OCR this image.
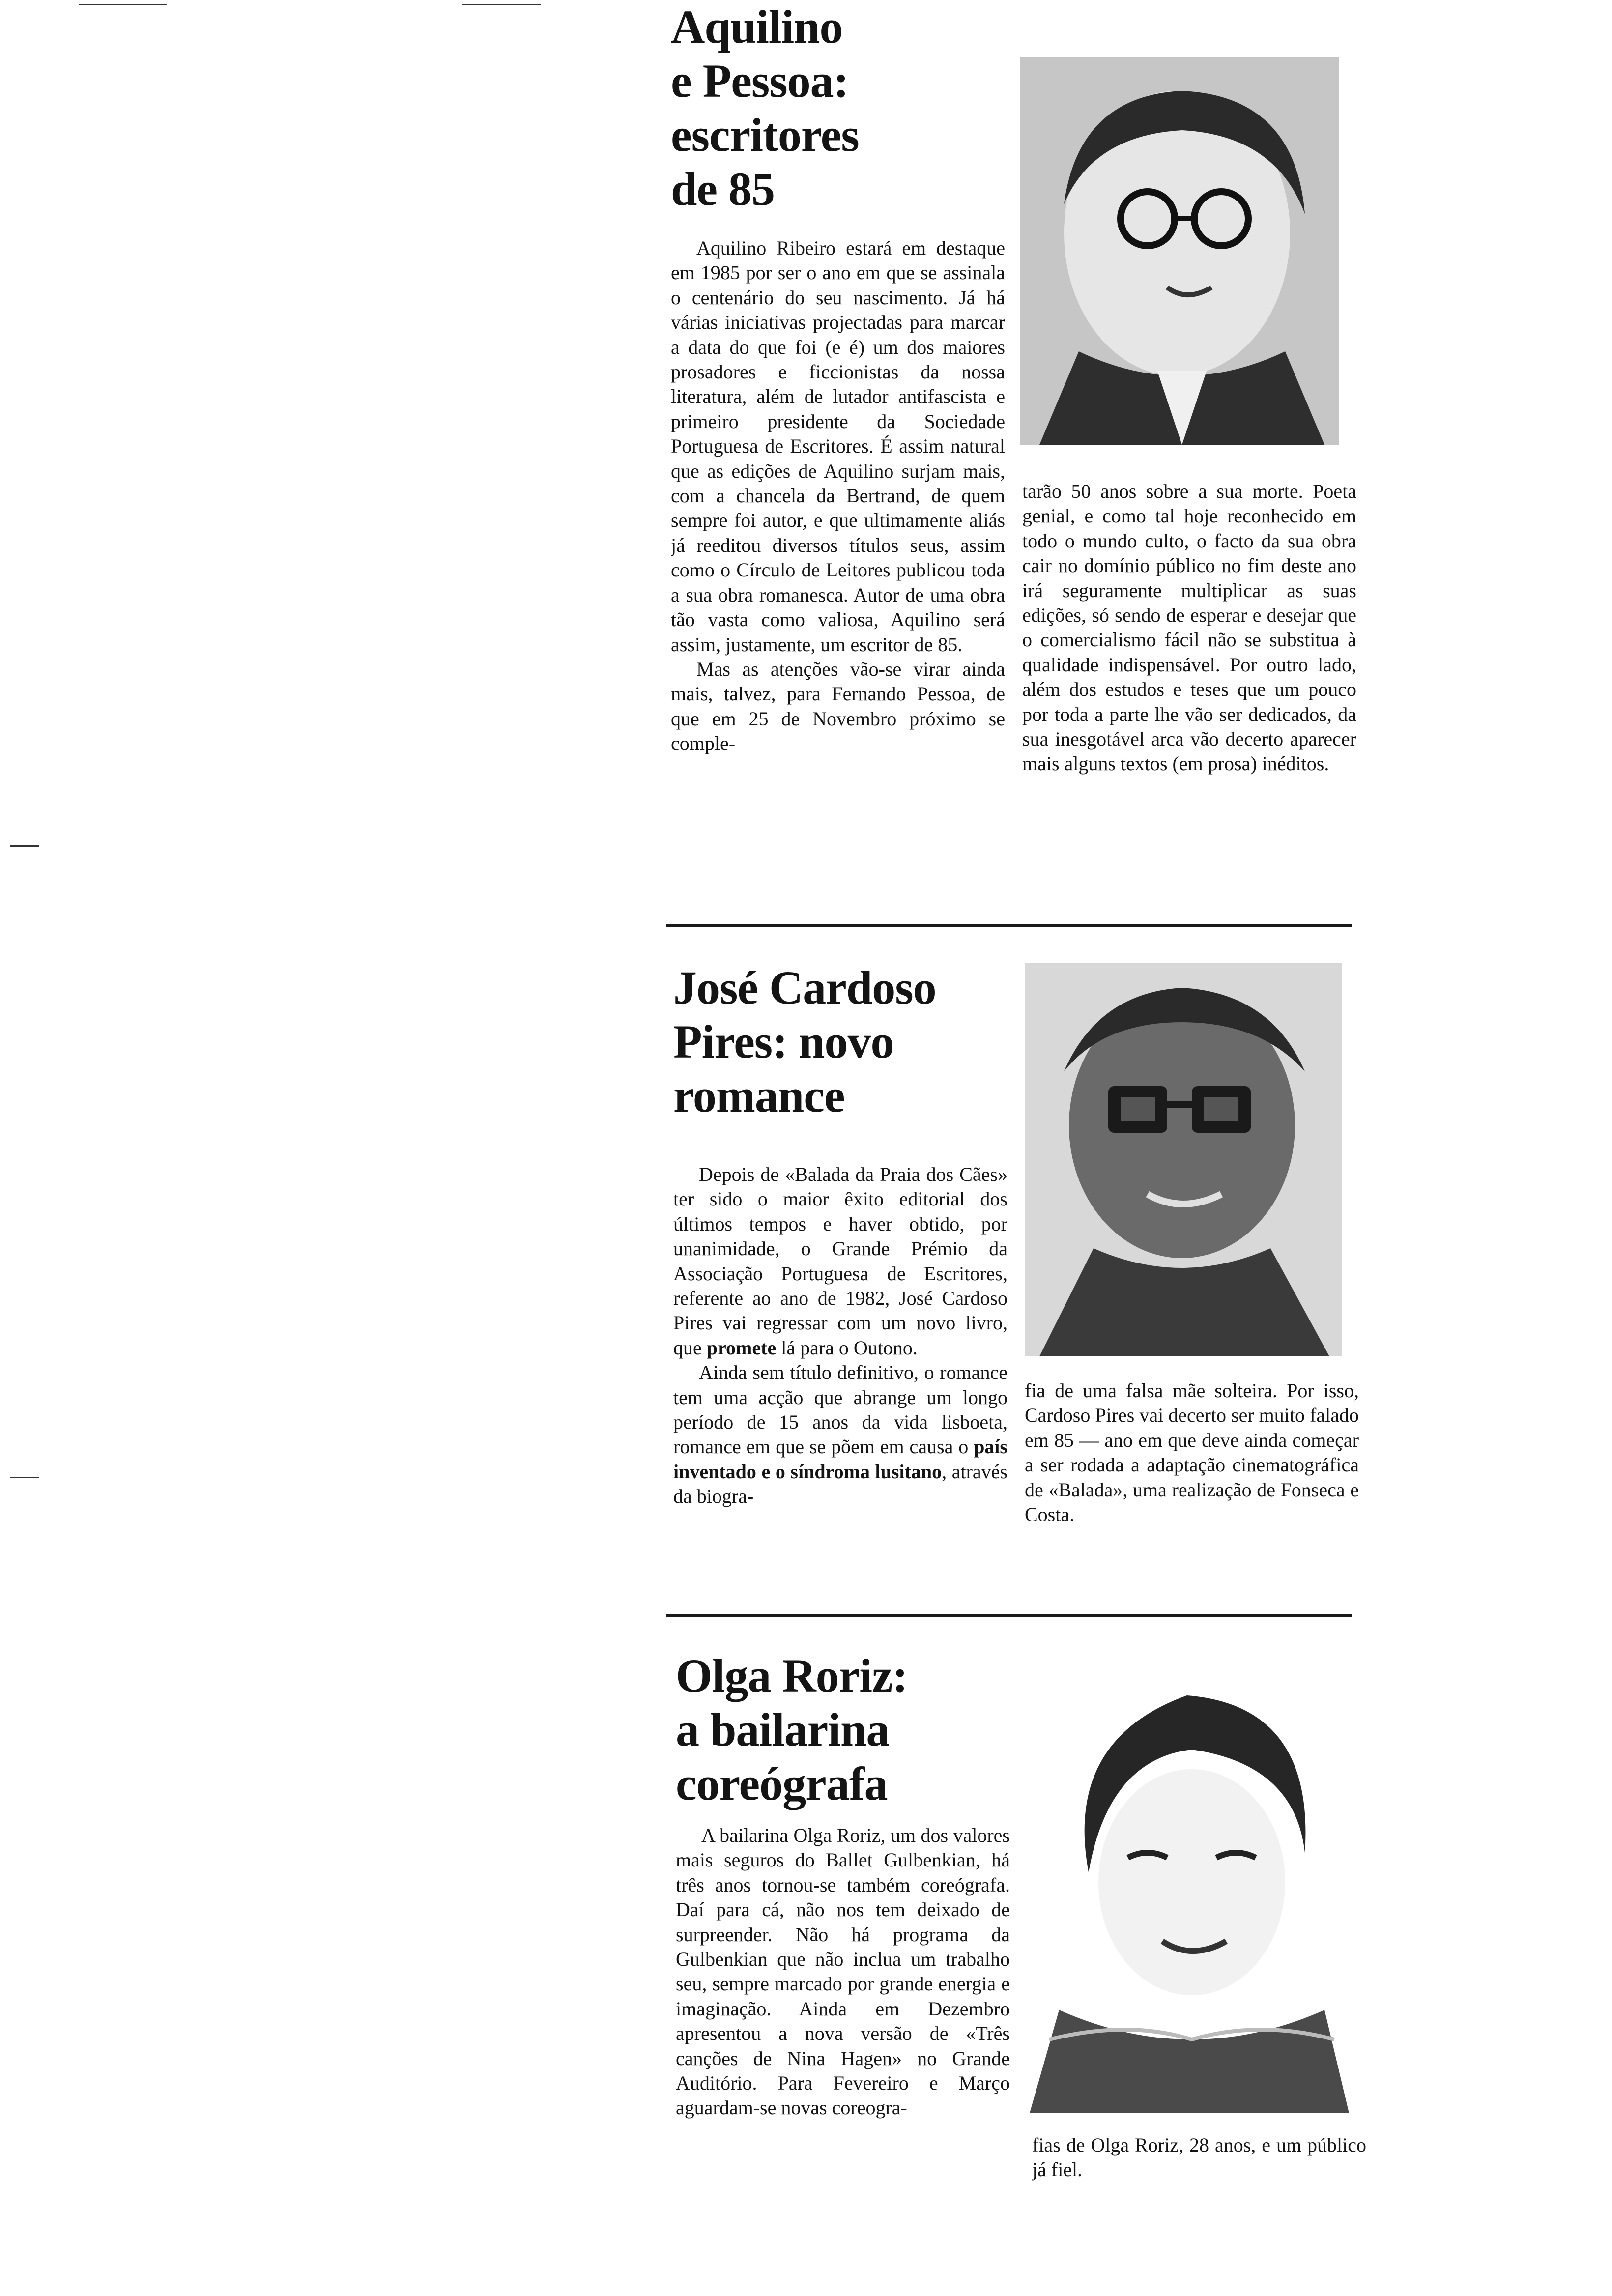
Aquilino
e Pessoa:
escritores
de 85

Aquilino Ribeiro estará em destaque em 1985 por ser o ano em que se assinala o centenário do seu nascimento. Já há várias iniciativas projectadas para marcar a data do que foi (e é) um dos maiores prosadores e ficcionistas da nossa literatura, além de lutador antifascista e primeiro presidente da Sociedade Portuguesa de Escritores. É assim natural que as edições de Aquilino surjam mais, com a chancela da Bertrand, de quem sempre foi autor, e que ultimamente aliás já reeditou diversos títulos seus, assim como o Círculo de Leitores publicou toda a sua obra romanesca. Autor de uma obra tão vasta como valiosa, Aquilino será assim, justamente, um escritor de 85.

Mas as atenções vão-se virar ainda mais, talvez, para Fernando Pessoa, de que em 25 de Novembro próximo se comple-

tarão 50 anos sobre a sua morte. Poeta genial, e como tal hoje reconhecido em todo o mundo culto, o facto da sua obra cair no domínio público no fim deste ano irá seguramente multiplicar as suas edições, só sendo de esperar e desejar que o comercialismo fácil não se substitua à qualidade indispensável. Por outro lado, além dos estudos e teses que um pouco por toda a parte lhe vão ser dedicados, da sua inesgotável arca vão decerto aparecer mais alguns textos (em prosa) inéditos.

José Cardoso
Pires: novo
romance

Depois de «Balada da Praia dos Cães» ter sido o maior êxito editorial dos últimos tempos e haver obtido, por unanimidade, o Grande Prémio da Associação Portuguesa de Escritores, referente ao ano de 1982, José Cardoso Pires vai regressar com um novo livro, que promete lá para o Outono.

Ainda sem título definitivo, o romance tem uma acção que abrange um longo período de 15 anos da vida lisboeta, romance em que se põem em causa o país inventado e o síndroma lusitano, através da biogra-

fia de uma falsa mãe solteira. Por isso, Cardoso Pires vai decerto ser muito falado em 85 — ano em que deve ainda começar a ser rodada a adaptação cinematográfica de «Balada», uma realização de Fonseca e Costa.

Olga Roriz:
a bailarina
coreógrafa

A bailarina Olga Roriz, um dos valores mais seguros do Ballet Gulbenkian, há três anos tornou-se também coreógrafa. Daí para cá, não nos tem deixado de surpreender. Não há programa da Gulbenkian que não inclua um trabalho seu, sempre marcado por grande energia e imaginação. Ainda em Dezembro apresentou a nova versão de «Três canções de Nina Hagen» no Grande Auditório. Para Fevereiro e Março aguardam-se novas coreogra-

fias de Olga Roriz, 28 anos, e um público já fiel.
